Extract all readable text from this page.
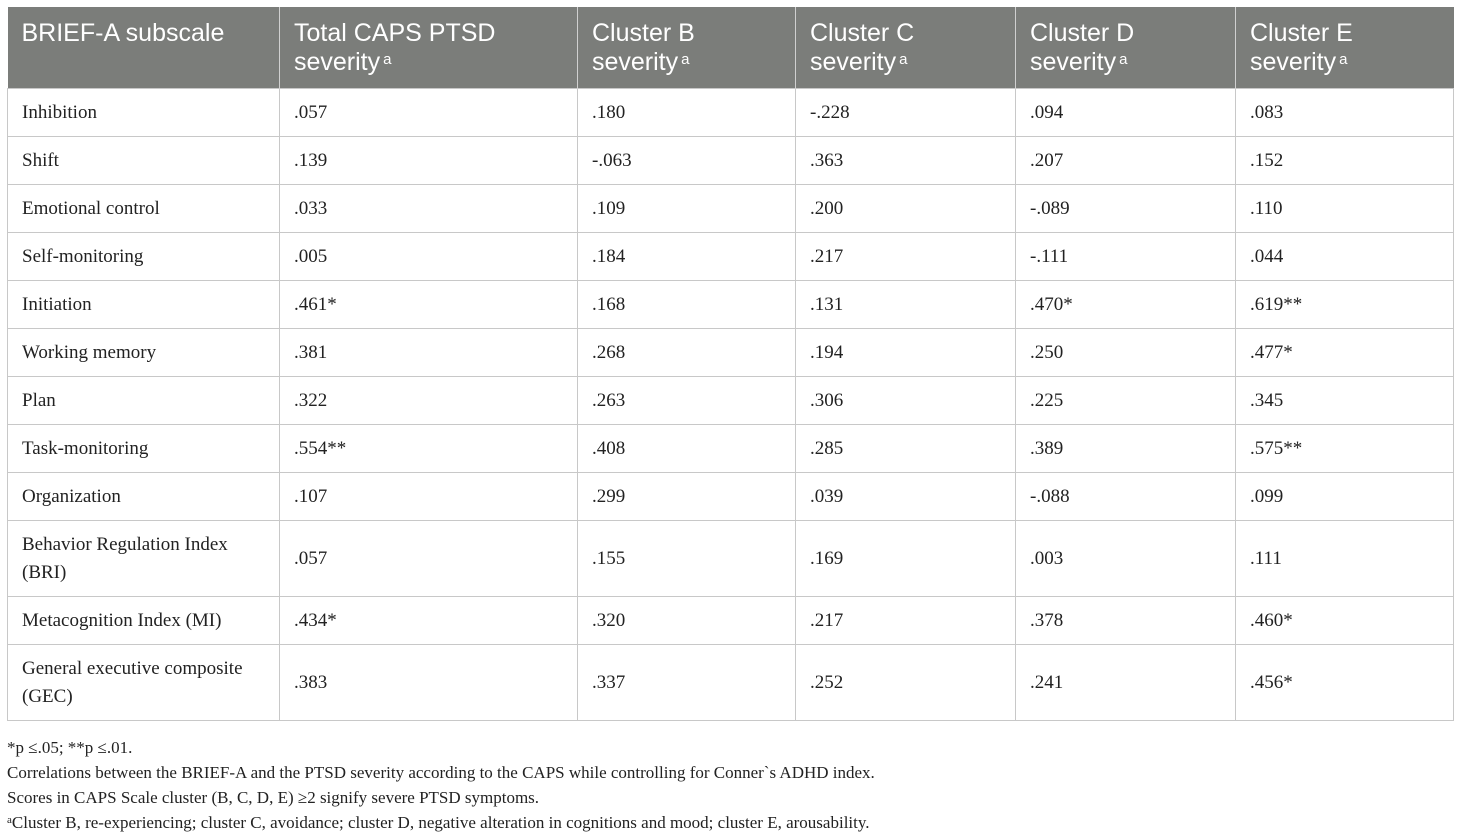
BRIEF-A subscale	Total CAPS PTSD severity $^a$	Cluster B severity $^a$	Cluster C severity $^a$	Cluster D severity $^a$	Cluster E severity $^a$
Inhibition	.057	.180	-.228	.094	.083
Shift	.139	-.063	.363	.207	.152
Emotional control	.033	.109	.200	-.089	.110
Self-monitoring	.005	.184	.217	-.111	.044
Initiation	.461*	.168	.131	.470*	.619**
Working memory	.381	.268	.194	.250	.477*
Plan	.322	.263	.306	.225	.345
Task-monitoring	.554**	.408	.285	.389	.575**
Organization	.107	.299	.039	-.088	.099
Behavior Regulation Index (BRI)	.057	.155	.169	.003	.111
Metacognition Index (MI)	.434*	.320	.217	.378	.460*
General executive composite (GEC)	.383	.337	.252	.241	.456*

*p ≤.05; **p ≤.01.

Correlations between the BRIEF-A and the PTSD severity according to the CAPS while controlling for Conner`s ADHD index.

Scores in CAPS Scale cluster (B, C, D, E) ≥2 signify severe PTSD symptoms.

$^a$Cluster B, re-experiencing; cluster C, avoidance; cluster D, negative alteration in cognitions and mood; cluster E, arousability.
